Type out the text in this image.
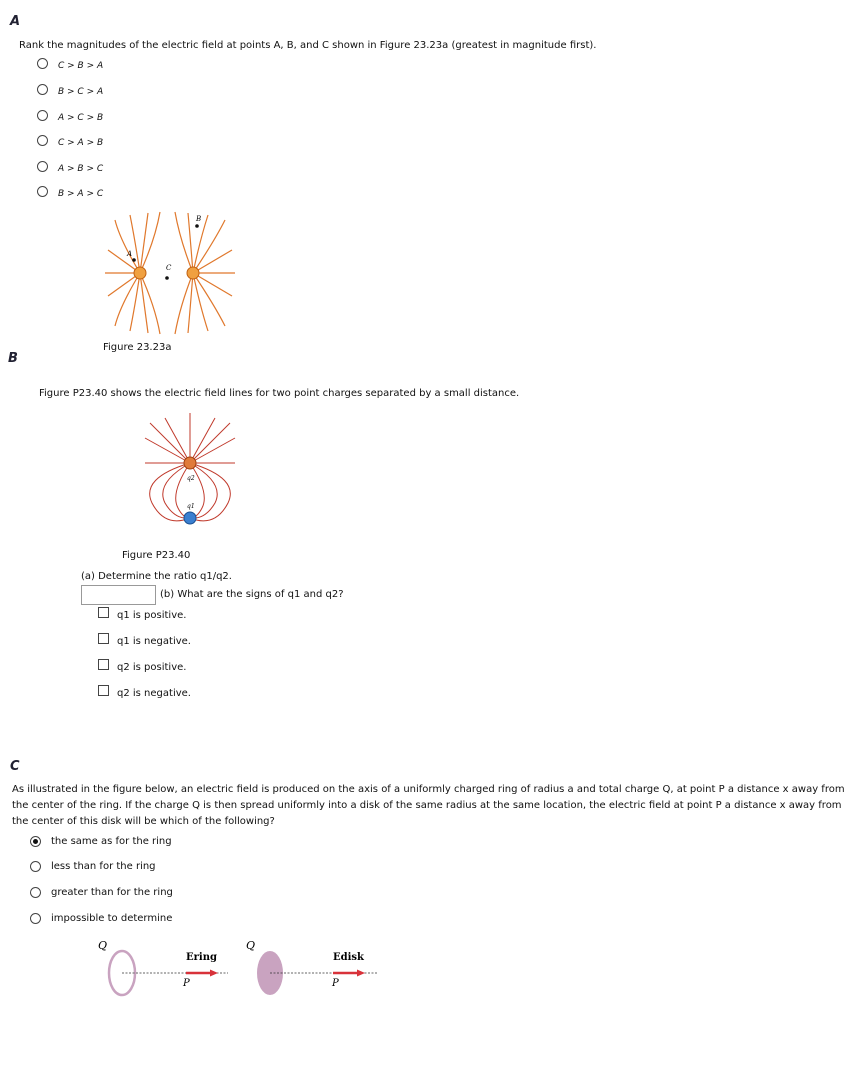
A
Rank the magnitudes of the electric field at points A, B, and C shown in Figure 23.23a (greatest in magnitude first).
C > B > A
B > C > A
A > C > B
C > A > B
A > B > C
B > A > C
A
C
B
Figure 23.23a
B
Figure P23.40 shows the electric field lines for two point charges separated by a small distance.
q2
q1
Figure P23.40
(a) Determine the ratio q1/q2.
(b) What are the signs of q1 and q2?
q1 is positive.
q1 is negative.
q2 is positive.
q2 is negative.
C
As illustrated in the figure below, an electric field is produced on the axis of a uniformly charged ring of radius a and total charge Q, at point P a distance x away from the center of the ring. If the charge Q is then spread uniformly into a disk of the same radius at the same location, the electric field at point P a distance x away from the center of this disk will be which of the following?
the same as for the ring
less than for the ring
greater than for the ring
impossible to determine
Q
Ering
P
Q
Edisk
P
